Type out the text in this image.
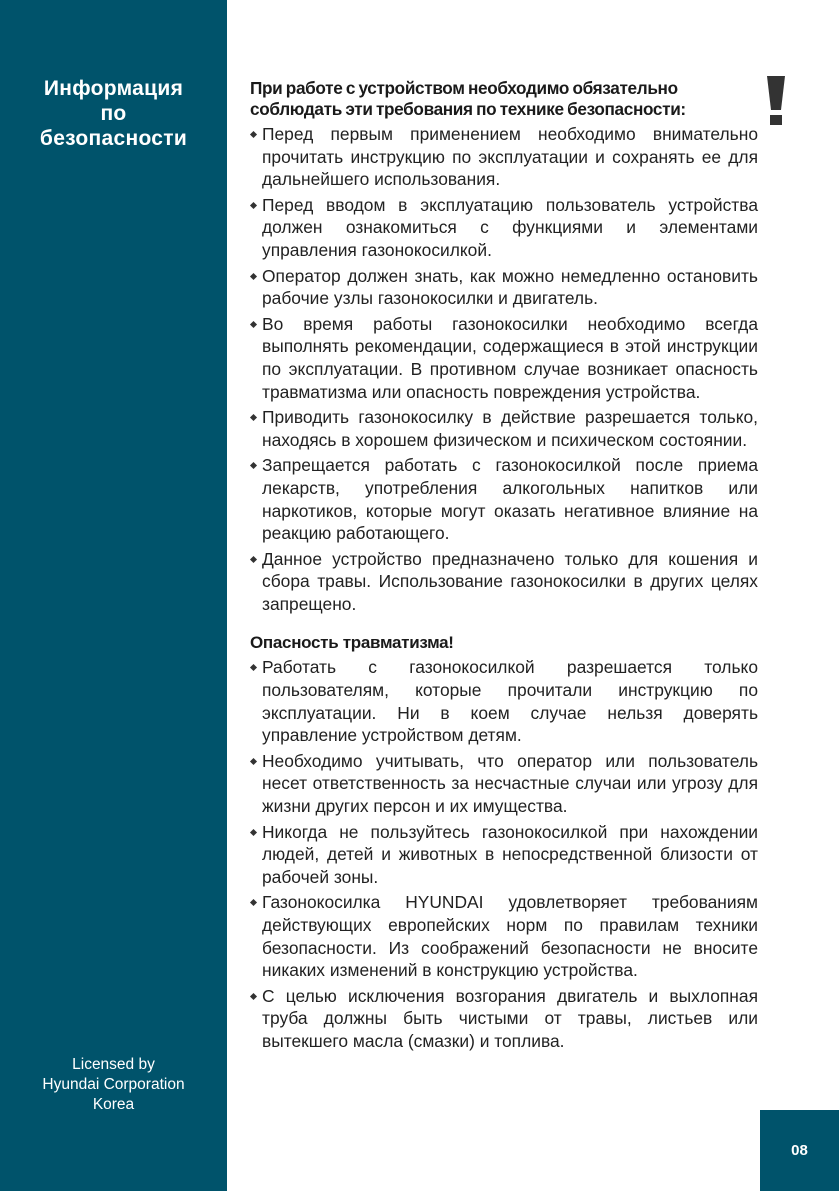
Информация
по
безопасности
Licensed by
Hyundai Corporation
Korea
При работе с устройством необходимо обязательно
соблюдать эти требования по технике безопасности:
Перед первым применением необходимо внимательно прочитать инструкцию по эксплуатации и сохранять ее для дальнейшего использования.
Перед вводом в эксплуатацию пользователь устройства должен ознакомиться с функциями и элементами управления газонокосилкой.
Оператор должен знать, как можно немедленно остановить рабочие узлы газонокосилки и двигатель.
Во время работы газонокосилки необходимо всегда выполнять рекомендации, содержащиеся в этой инструкции по эксплуатации. В противном случае возникает опасность травматизма или опасность повреждения устройства.
Приводить газонокосилку в действие разрешается только, находясь в хорошем физическом и психическом состоянии.
Запрещается работать с газонокосилкой после приема лекарств, употребления алкогольных напитков или наркотиков, которые могут оказать негативное влияние на реакцию работающего.
Данное устройство предназначено только для кошения и сбора травы. Использование газонокосилки в других целях запрещено.
Опасность травматизма!
Работать с газонокосилкой разрешается только пользователям, которые прочитали инструкцию по эксплуатации. Ни в коем случае нельзя доверять управление устройством детям.
Необходимо учитывать, что оператор или пользователь несет ответственность за несчастные случаи или угрозу для жизни других персон и их имущества.
Никогда не пользуйтесь газонокосилкой при нахождении людей, детей и животных в непосредственной близости от рабочей зоны.
Газонокосилка HYUNDAI удовлетворяет требованиям действующих европейских норм по правилам техники безопасности. Из соображений безопасности не вносите никаких изменений в конструкцию устройства.
С целью исключения возгорания двигатель и выхлопная труба должны быть чистыми от травы, листьев или вытекшего масла (смазки) и топлива.
08
